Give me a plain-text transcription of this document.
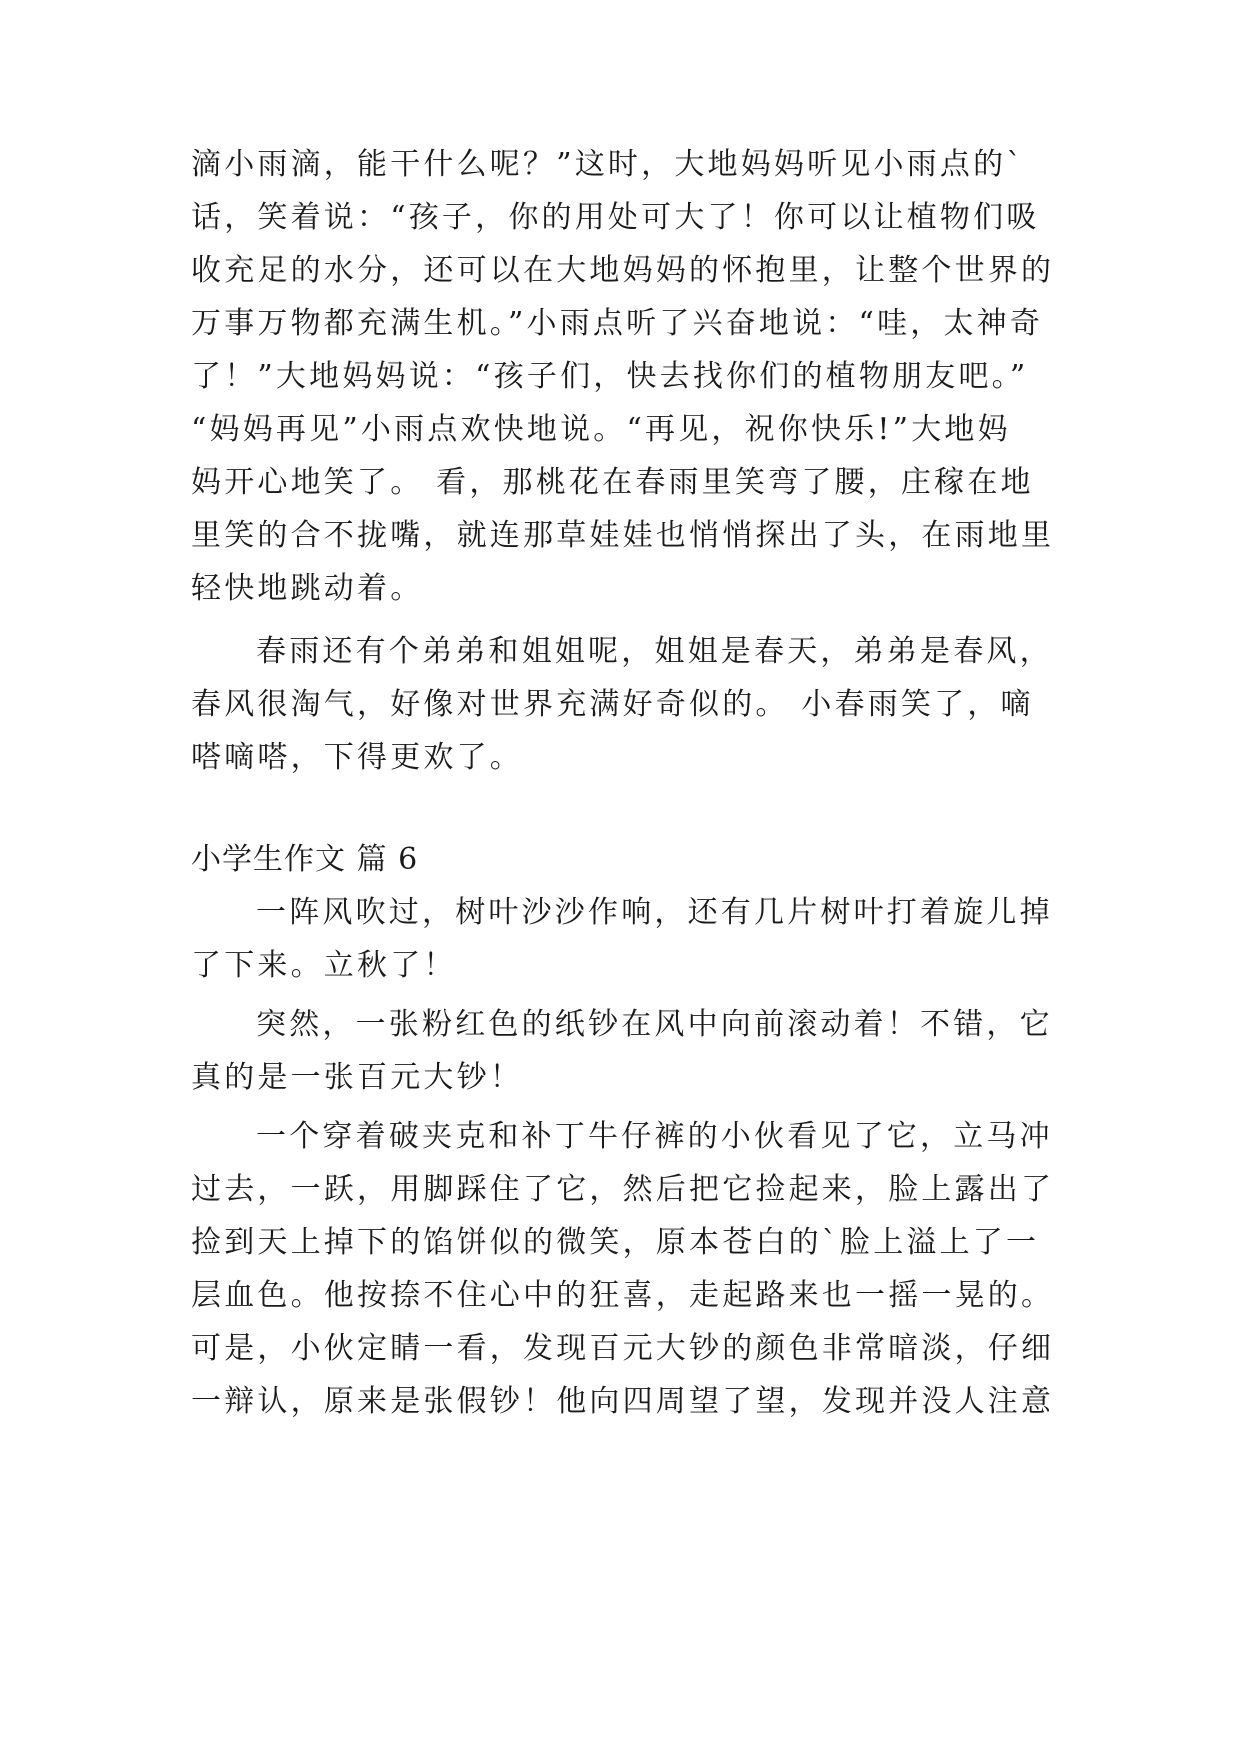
滴小雨滴，能干什么呢？”这时，大地妈妈听见小雨点的`
话，笑着说：“孩子，你的用处可大了！你可以让植物们吸
收充足的水分，还可以在大地妈妈的怀抱里，让整个世界的
万事万物都充满生机。”小雨点听了兴奋地说：“哇，太神奇
了！”大地妈妈说：“孩子们，快去找你们的植物朋友吧。”
“妈妈再见”小雨点欢快地说。“再见，祝你快乐!”大地妈
妈开心地笑了。 看，那桃花在春雨里笑弯了腰，庄稼在地
里笑的合不拢嘴，就连那草娃娃也悄悄探出了头，在雨地里
轻快地跳动着。
春雨还有个弟弟和姐姐呢，姐姐是春天，弟弟是春风，
春风很淘气，好像对世界充满好奇似的。 小春雨笑了，嘀
嗒嘀嗒，下得更欢了。
小学生作文 篇 6
一阵风吹过，树叶沙沙作响，还有几片树叶打着旋儿掉
了下来。立秋了！
突然，一张粉红色的纸钞在风中向前滚动着！不错，它
真的是一张百元大钞！
一个穿着破夹克和补丁牛仔裤的小伙看见了它，立马冲
过去，一跃，用脚踩住了它，然后把它捡起来，脸上露出了
捡到天上掉下的馅饼似的微笑，原本苍白的`脸上溢上了一
层血色。他按捺不住心中的狂喜，走起路来也一摇一晃的。
可是，小伙定睛一看，发现百元大钞的颜色非常暗淡，仔细
一辩认，原来是张假钞！他向四周望了望，发现并没人注意
